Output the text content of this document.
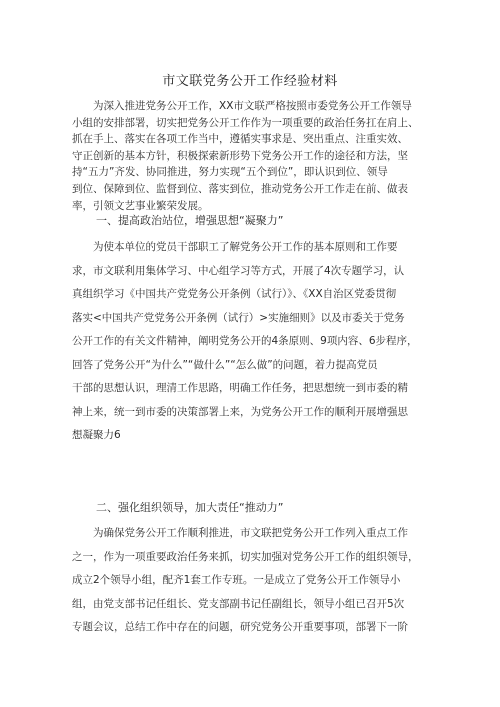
市文联党务公开工作经验材料
　　为深入推进党务公开工作，XX市文联严格按照市委党务公开工作领导
小组的安排部署，切实把党务公开工作作为一项重要的政治任务扛在肩上、
抓在手上、落实在各项工作当中，遵循实事求是、突出重点、注重实效、
守正创新的基本方针，积极探索新形势下党务公开工作的途径和方法，坚
持“五力”齐发、协同推进，努力实现“五个到位”，即认识到位、领导
到位、保障到位、监督到位、落实到位，推动党务公开工作走在前、做表
率，引领文艺事业繁荣发展。
一、提高政治站位，增强思想“凝聚力”
　　为使本单位的党员干部职工了解党务公开工作的基本原则和工作要
求，市文联利用集体学习、中心组学习等方式，开展了4次专题学习，认
真组织学习《中国共产党党务公开条例（试行）》、《XX自治区党委贯彻
落实<中国共产党党务公开条例（试行）>实施细则》以及市委关于党务
公开工作的有关文件精神，阐明党务公开的4条原则、9项内容、6步程序，
回答了党务公开“为什么”“做什么”“怎么做”的问题，着力提高党员
干部的思想认识，理清工作思路，明确工作任务，把思想统一到市委的精
神上来，统一到市委的决策部署上来，为党务公开工作的顺利开展增强思
想凝聚力6
二、强化组织领导，加大责任“推动力”
　　为确保党务公开工作顺利推进，市文联把党务公开工作列入重点工作
之一，作为一项重要政治任务来抓，切实加强对党务公开工作的组织领导，
成立2个领导小组，配齐1套工作专班。一是成立了党务公开工作领导小
组，由党支部书记任组长、党支部副书记任副组长，领导小组已召开5次
专题会议，总结工作中存在的问题，研究党务公开重要事项，部署下一阶
